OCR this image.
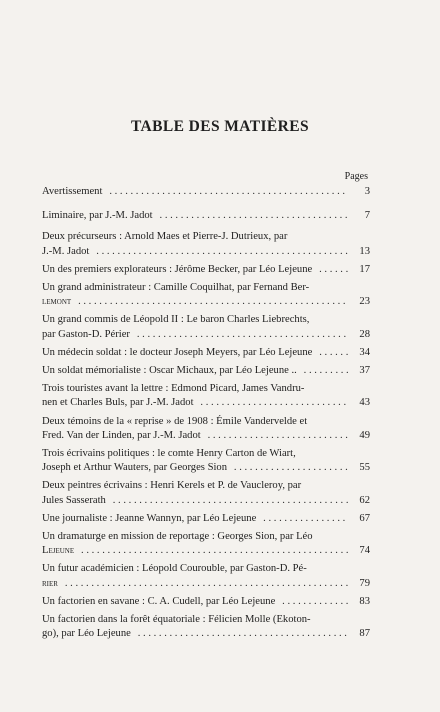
TABLE DES MATIÈRES
Pages
Avertissement . . .	3
Liminaire, par J.-M. Jadot . . .	7
Deux précurseurs : Arnold Maes et Pierre-J. Dutrieux, par
J.-M. Jadot . . .	13
Un des premiers explorateurs : Jérôme Becker, par Léo Lejeune . . .	17
Un grand administrateur : Camille Coquilhat, par Fernand Ber-
lemont . . .	23
Un grand commis de Léopold II : Le baron Charles Liebrechts,
par Gaston-D. Périer . . .	28
Un médecin soldat : le docteur Joseph Meyers, par Léo Lejeune . . .	34
Un soldat mémorialiste : Oscar Michaux, par Léo Lejeune .. . . .	37
Trois touristes avant la lettre : Edmond Picard, James Vandru-
nen et Charles Buls, par J.-M. Jadot . . .	43
Deux témoins de la « reprise » de 1908 : Émile Vandervelde et
Fred. Van der Linden, par J.-M. Jadot . . .	49
Trois écrivains politiques : le comte Henry Carton de Wiart,
Joseph et Arthur Wauters, par Georges Sion . . .	55
Deux peintres écrivains : Henri Kerels et P. de Vaucleroy, par
Jules Sasserath . . .	62
Une journaliste : Jeanne Wannyn, par Léo Lejeune . . .	67
Un dramaturge en mission de reportage : Georges Sion, par Léo
Lejeune . . .	74
Un futur académicien : Léopold Courouble, par Gaston-D. Pé-
rier . . .	79
Un factorien en savane : C. A. Cudell, par Léo Lejeune . . .	83
Un factorien dans la forêt équatoriale : Félicien Molle (Ekoton-
go), par Léo Lejeune . . .	87
